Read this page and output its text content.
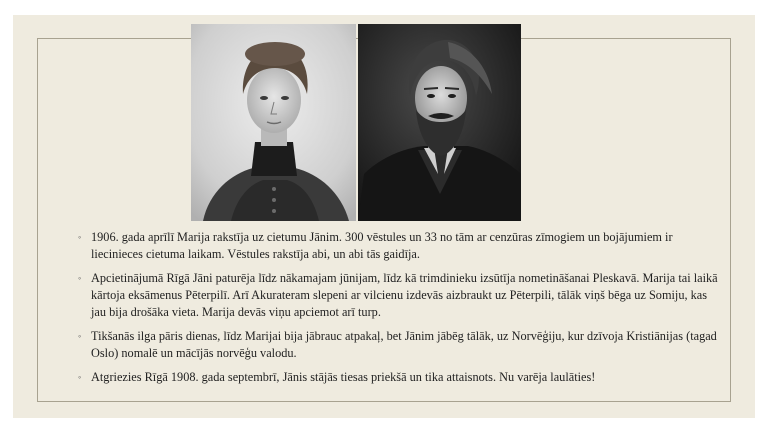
◦ 1906. gada aprīlī Marija rakstīja uz cietumu Jānim. 300 vēstules un 33 no tām ar cenzūras zīmogiem un bojājumiem ir liecinieces cietuma laikam. Vēstules rakstīja abi, un abi tās gaidīja.
◦ Apcietinājumā Rīgā Jāni paturēja līdz nākamajam jūnijam, līdz kā trimdinieku izsūtīja nometināšanai Pleskavā. Marija tai laikā kārtoja eksāmenus Pēterpilī. Arī Akurateram slepeni ar vilcienu izdevās aizbraukt uz Pēterpili, tālāk viņš bēga uz Somiju, kas jau bija drošāka vieta. Marija devās viņu apciemot arī turp.
◦ Tikšanās ilga pāris dienas, līdz Marijai bija jābrauc atpakaļ, bet Jānim jābēg tālāk, uz Norvēģiju, kur dzīvoja Kristiānijas (tagad Oslo) nomalē un mācījās norvēģu valodu.
◦ Atgriezies Rīgā 1908. gada septembrī, Jānis stājās tiesas priekšā un tika attaisnots. Nu varēja laulāties!
